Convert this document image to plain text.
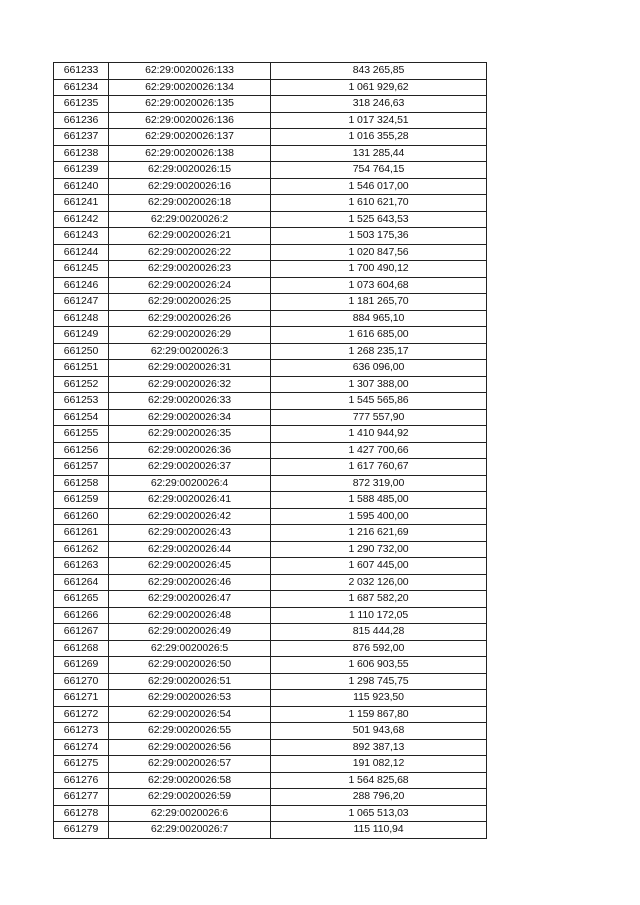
661233	62:29:0020026:133	843 265,85
661234	62:29:0020026:134	1 061 929,62
661235	62:29:0020026:135	318 246,63
661236	62:29:0020026:136	1 017 324,51
661237	62:29:0020026:137	1 016 355,28
661238	62:29:0020026:138	131 285,44
661239	62:29:0020026:15	754 764,15
661240	62:29:0020026:16	1 546 017,00
661241	62:29:0020026:18	1 610 621,70
661242	62:29:0020026:2	1 525 643,53
661243	62:29:0020026:21	1 503 175,36
661244	62:29:0020026:22	1 020 847,56
661245	62:29:0020026:23	1 700 490,12
661246	62:29:0020026:24	1 073 604,68
661247	62:29:0020026:25	1 181 265,70
661248	62:29:0020026:26	884 965,10
661249	62:29:0020026:29	1 616 685,00
661250	62:29:0020026:3	1 268 235,17
661251	62:29:0020026:31	636 096,00
661252	62:29:0020026:32	1 307 388,00
661253	62:29:0020026:33	1 545 565,86
661254	62:29:0020026:34	777 557,90
661255	62:29:0020026:35	1 410 944,92
661256	62:29:0020026:36	1 427 700,66
661257	62:29:0020026:37	1 617 760,67
661258	62:29:0020026:4	872 319,00
661259	62:29:0020026:41	1 588 485,00
661260	62:29:0020026:42	1 595 400,00
661261	62:29:0020026:43	1 216 621,69
661262	62:29:0020026:44	1 290 732,00
661263	62:29:0020026:45	1 607 445,00
661264	62:29:0020026:46	2 032 126,00
661265	62:29:0020026:47	1 687 582,20
661266	62:29:0020026:48	1 110 172,05
661267	62:29:0020026:49	815 444,28
661268	62:29:0020026:5	876 592,00
661269	62:29:0020026:50	1 606 903,55
661270	62:29:0020026:51	1 298 745,75
661271	62:29:0020026:53	115 923,50
661272	62:29:0020026:54	1 159 867,80
661273	62:29:0020026:55	501 943,68
661274	62:29:0020026:56	892 387,13
661275	62:29:0020026:57	191 082,12
661276	62:29:0020026:58	1 564 825,68
661277	62:29:0020026:59	288 796,20
661278	62:29:0020026:6	1 065 513,03
661279	62:29:0020026:7	115 110,94
